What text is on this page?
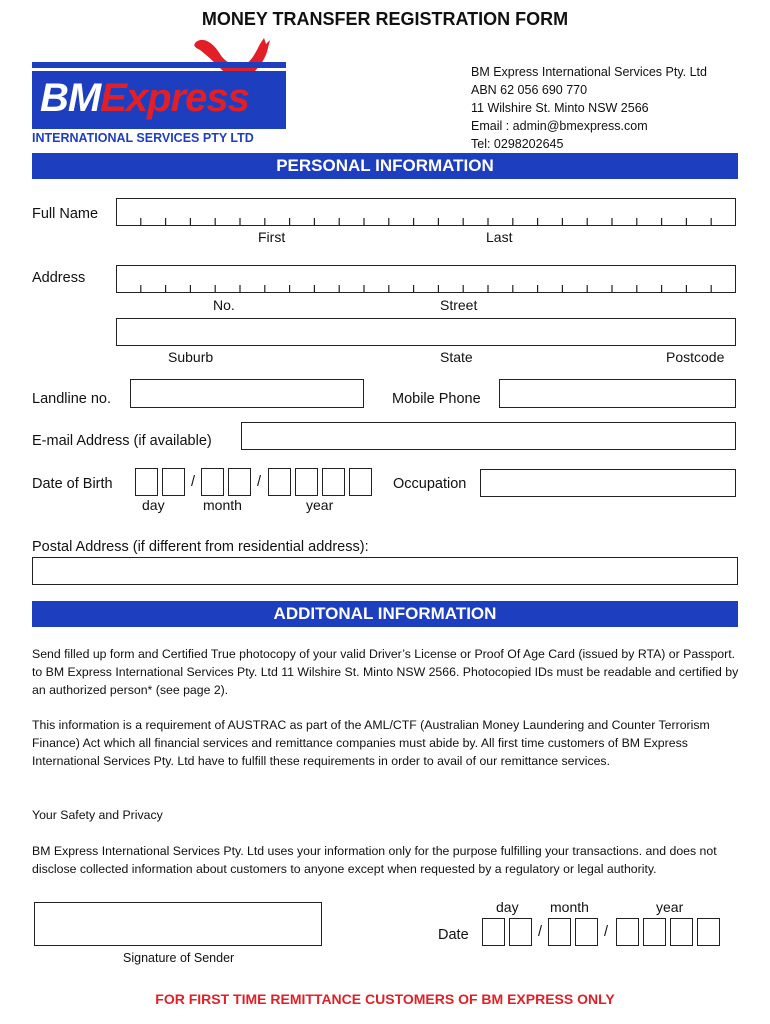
MONEY TRANSFER REGISTRATION FORM
BMExpress
INTERNATIONAL SERVICES PTY LTD
BM Express International Services Pty. Ltd
ABN 62 056 690 770
11 Wilshire St. Minto NSW 2566
Email : admin@bmexpress.com
Tel: 0298202645
PERSONAL INFORMATION
Full Name
First	Last
Address
No.	Street
Suburb	State	Postcode
Landline no.	Mobile Phone
E-mail Address (if available)
Date of Birth	/	/
day	month	year
Occupation
Postal Address (if different from residential address):
ADDITONAL INFORMATION
Send filled up form and Certified True photocopy of your valid Driver’s License or Proof Of Age Card (issued by RTA) or Passport. to BM Express International Services Pty. Ltd 11 Wilshire St. Minto NSW 2566. Photocopied IDs must be readable and certified by an authorized person* (see page 2).
This information is a requirement of AUSTRAC as part of the AML/CTF (Australian Money Laundering and Counter Terrorism Finance) Act which all financial services and remittance companies must abide by. All first time customers of BM Express International Services Pty. Ltd have to fulfill these requirements in order to avail of our remittance services.
Your Safety and Privacy
BM Express International Services Pty. Ltd uses your information only for the purpose fulfilling your transactions. and does not disclose collected information about customers to anyone except when requested by a regulatory or legal authority.
Signature of Sender
day month	year
Date	/	/
FOR FIRST TIME REMITTANCE CUSTOMERS OF BM EXPRESS ONLY
